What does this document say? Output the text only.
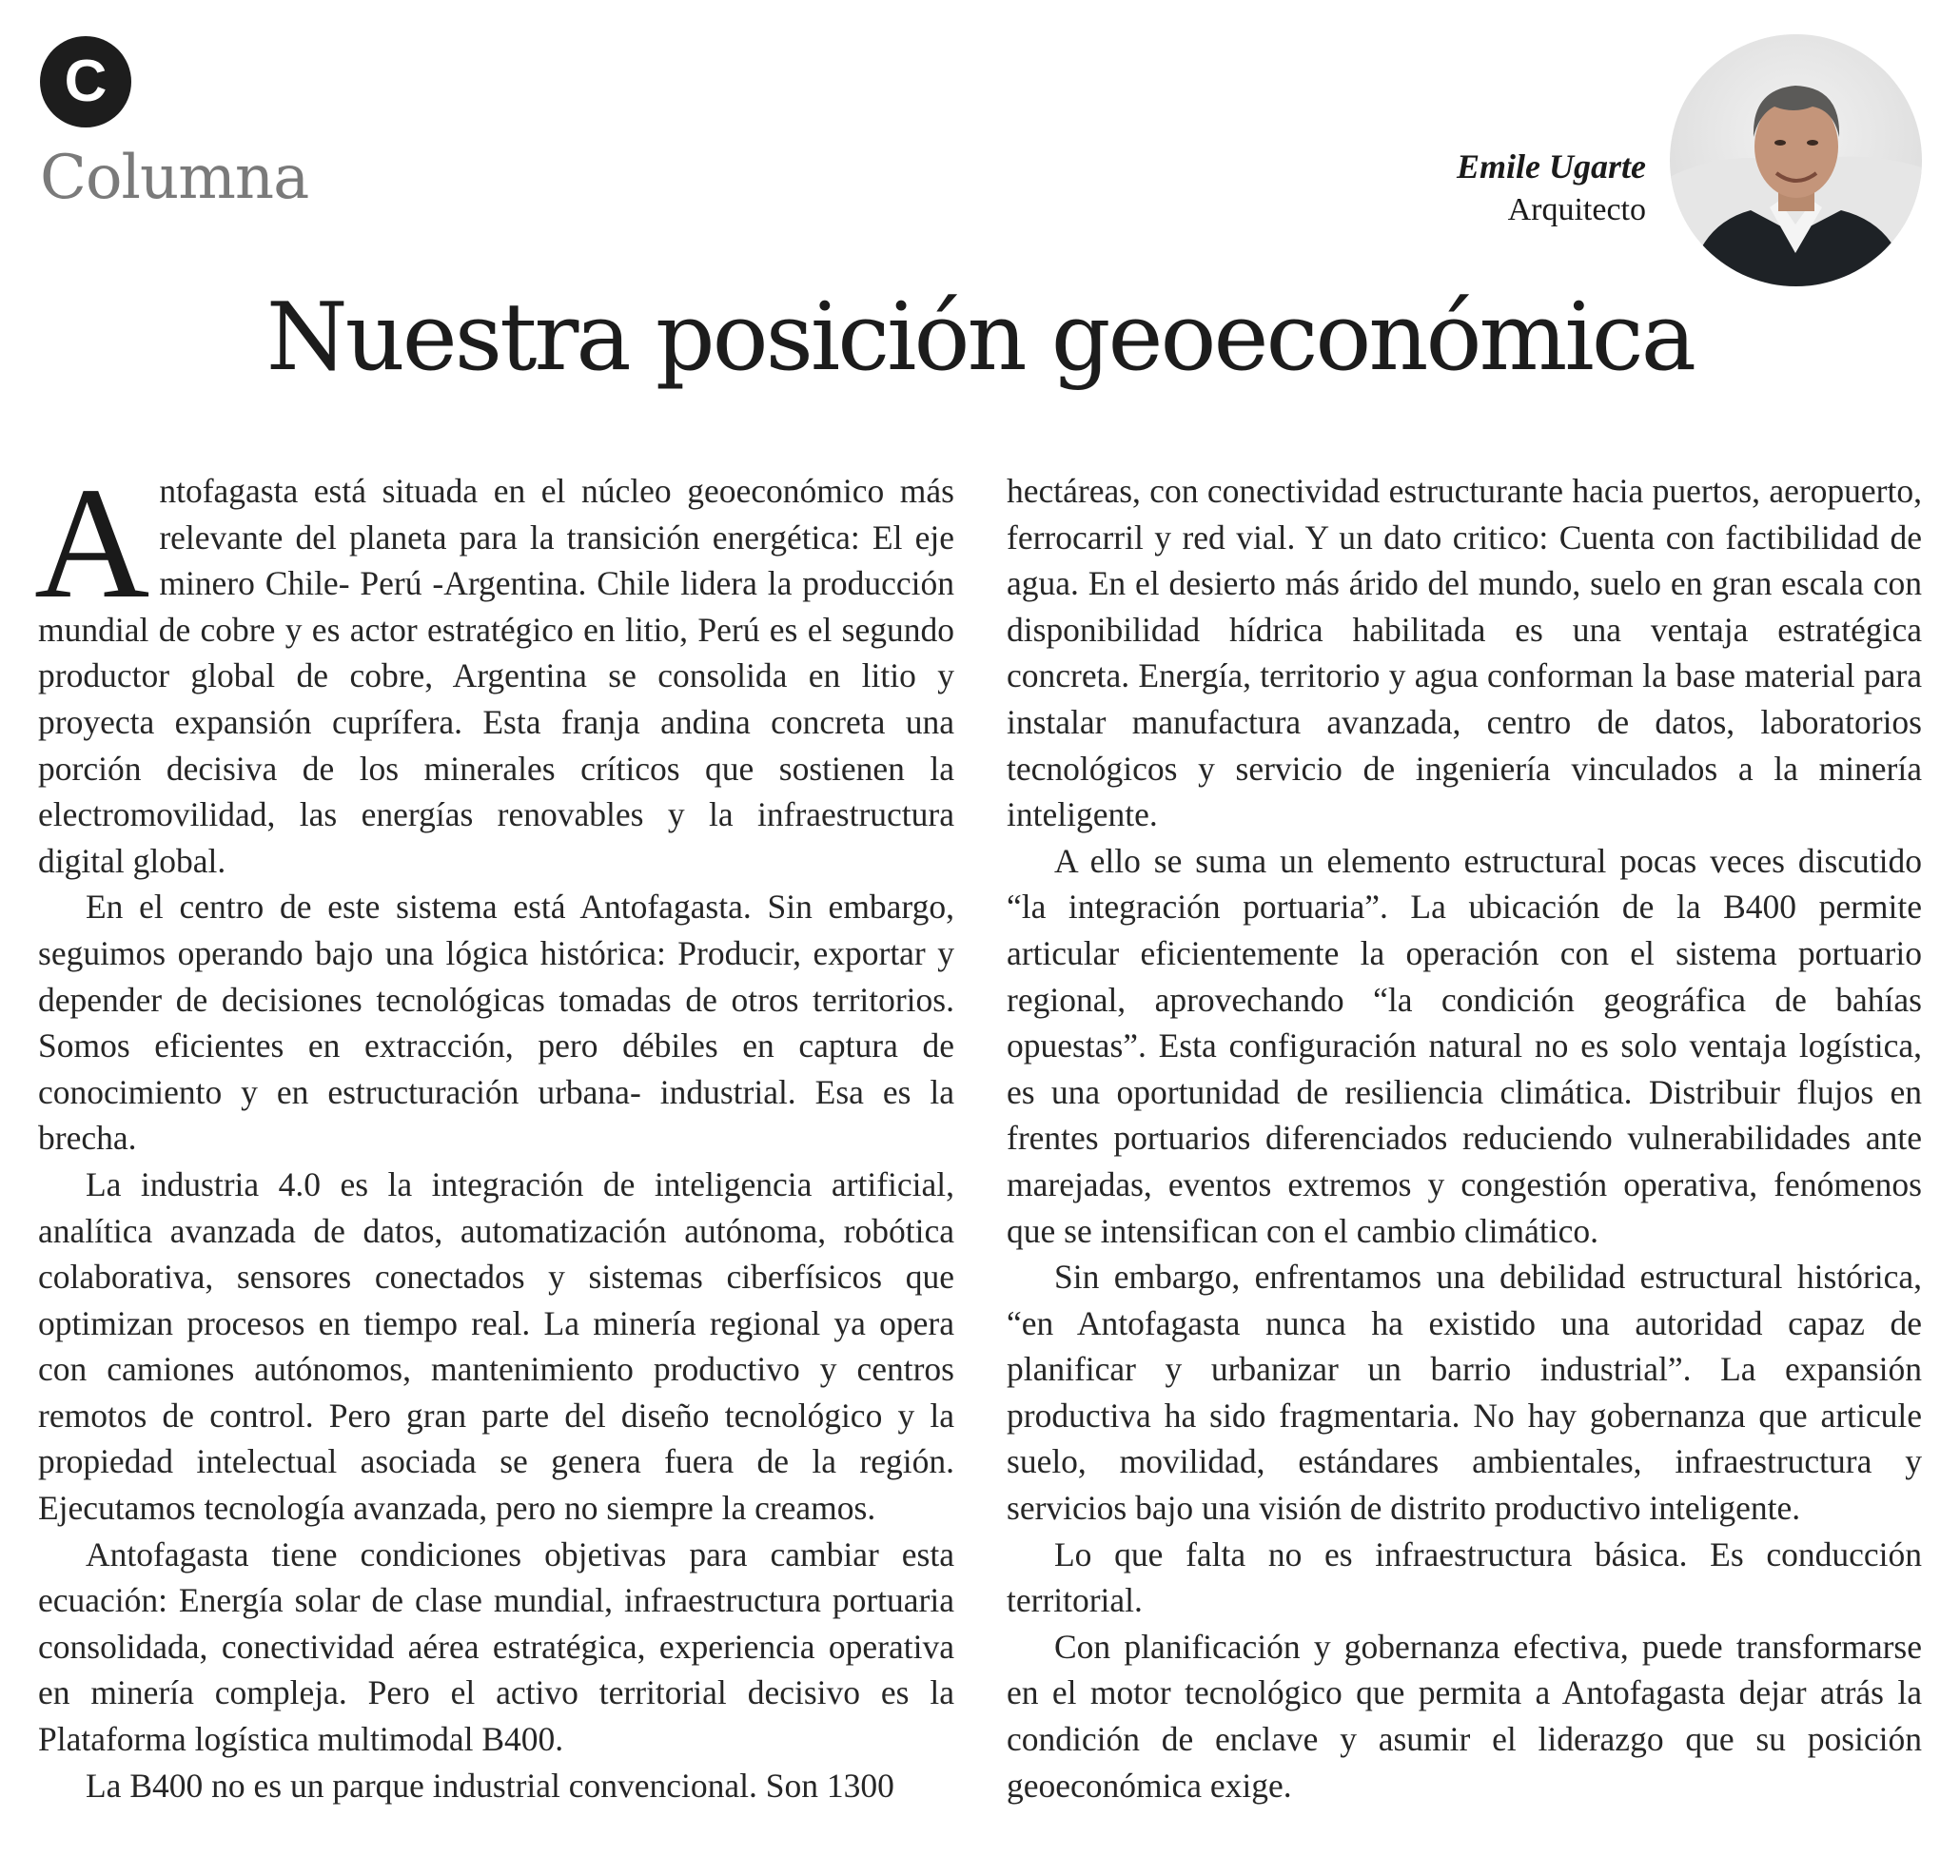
C
Columna	Emile Ugarte
Arquitecto
Nuestra posición geoeconómica

Antofagasta está situada en el núcleo geoeconómico más relevante del planeta para la transición energética: El eje minero Chile- Perú -Argentina. Chile lidera la producción mundial de cobre y es actor estratégico en litio, Perú es el segundo productor global de cobre, Argentina se consolida en litio y proyecta expansión cuprífera. Esta franja andina concreta una porción decisiva de los minerales críticos que sostienen la electromovilidad, las energías renovables y la infraestructura digital global.

En el centro de este sistema está Antofagasta. Sin embargo, seguimos operando bajo una lógica histórica: Producir, exportar y depender de decisiones tecnológicas tomadas de otros territorios. Somos eficientes en extracción, pero débiles en captura de conocimiento y en estructuración urbana- industrial. Esa es la brecha.

La industria 4.0 es la integración de inteligencia artificial, analítica avanzada de datos, automatización autónoma, robótica colaborativa, sensores conectados y sistemas ciberfísicos que optimizan procesos en tiempo real. La minería regional ya opera con camiones autónomos, mantenimiento productivo y centros remotos de control. Pero gran parte del diseño tecnológico y la propiedad intelectual asociada se genera fuera de la región. Ejecutamos tecnología avanzada, pero no siempre la creamos.

Antofagasta tiene condiciones objetivas para cambiar esta ecuación: Energía solar de clase mundial, infraestructura portuaria consolidada, conectividad aérea estratégica, experiencia operativa en minería compleja. Pero el activo territorial decisivo es la Plataforma logística multimodal B400.

La B400 no es un parque industrial convencional. Son 1300

hectáreas, con conectividad estructurante hacia puertos, aeropuerto, ferrocarril y red vial. Y un dato critico: Cuenta con factibilidad de agua. En el desierto más árido del mundo, suelo en gran escala con disponibilidad hídrica habilitada es una ventaja estratégica concreta. Energía, territorio y agua conforman la base material para instalar manufactura avanzada, centro de datos, laboratorios tecnológicos y servicio de ingeniería vinculados a la minería inteligente.

A ello se suma un elemento estructural pocas veces discutido “la integración portuaria”. La ubicación de la B400 permite articular eficientemente la operación con el sistema portuario regional, aprovechando “la condición geográfica de bahías opuestas”. Esta configuración natural no es solo ventaja logística, es una oportunidad de resiliencia climática. Distribuir flujos en frentes portuarios diferenciados reduciendo vulnerabilidades ante marejadas, eventos extremos y congestión operativa, fenómenos que se intensifican con el cambio climático.

Sin embargo, enfrentamos una debilidad estructural histórica, “en Antofagasta nunca ha existido una autoridad capaz de planificar y urbanizar un barrio industrial”. La expansión productiva ha sido fragmentaria. No hay gobernanza que articule suelo, movilidad, estándares ambientales, infraestructura y servicios bajo una visión de distrito productivo inteligente.

Lo que falta no es infraestructura básica. Es conducción territorial.

Con planificación y gobernanza efectiva, puede transformarse en el motor tecnológico que permita a Antofagasta dejar atrás la condición de enclave y asumir el liderazgo que su posición geoeconómica exige.
